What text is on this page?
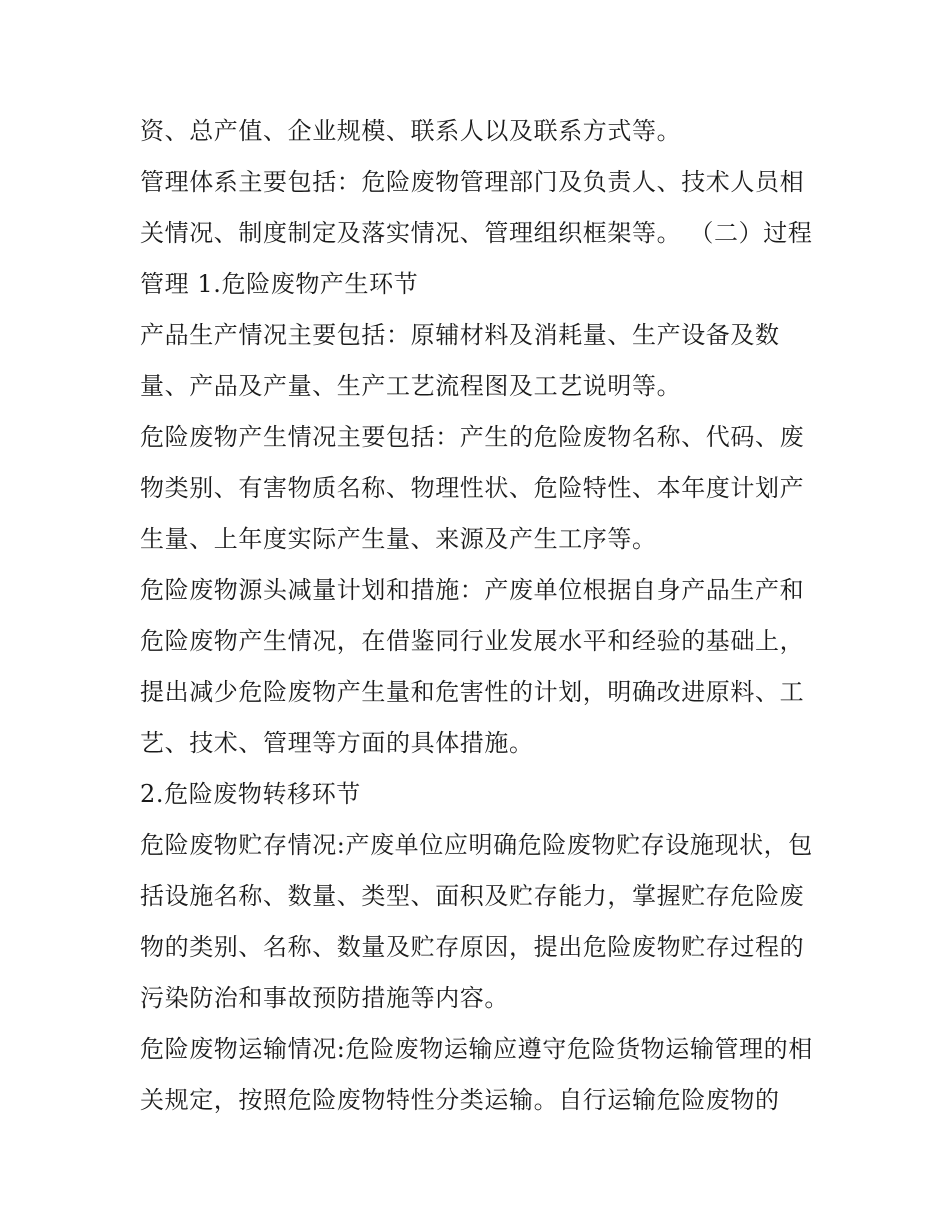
资、总产值、企业规模、联系人以及联系方式等。

管理体系主要包括：危险废物管理部门及负责人、技术人员相关情况、制度制定及落实情况、管理组织框架等。 （二）过程管理 1.危险废物产生环节

产品生产情况主要包括：原辅材料及消耗量、生产设备及数量、产品及产量、生产工艺流程图及工艺说明等。

危险废物产生情况主要包括：产生的危险废物名称、代码、废物类别、有害物质名称、物理性状、危险特性、本年度计划产生量、上年度实际产生量、来源及产生工序等。

危险废物源头减量计划和措施：产废单位根据自身产品生产和危险废物产生情况，在借鉴同行业发展水平和经验的基础上，提出减少危险废物产生量和危害性的计划，明确改进原料、工艺、技术、管理等方面的具体措施。

2.危险废物转移环节

危险废物贮存情况:产废单位应明确危险废物贮存设施现状，包括设施名称、数量、类型、面积及贮存能力，掌握贮存危险废物的类别、名称、数量及贮存原因，提出危险废物贮存过程的污染防治和事故预防措施等内容。

危险废物运输情况:危险废物运输应遵守危险货物运输管理的相关规定，按照危险废物特性分类运输。自行运输危险废物的
